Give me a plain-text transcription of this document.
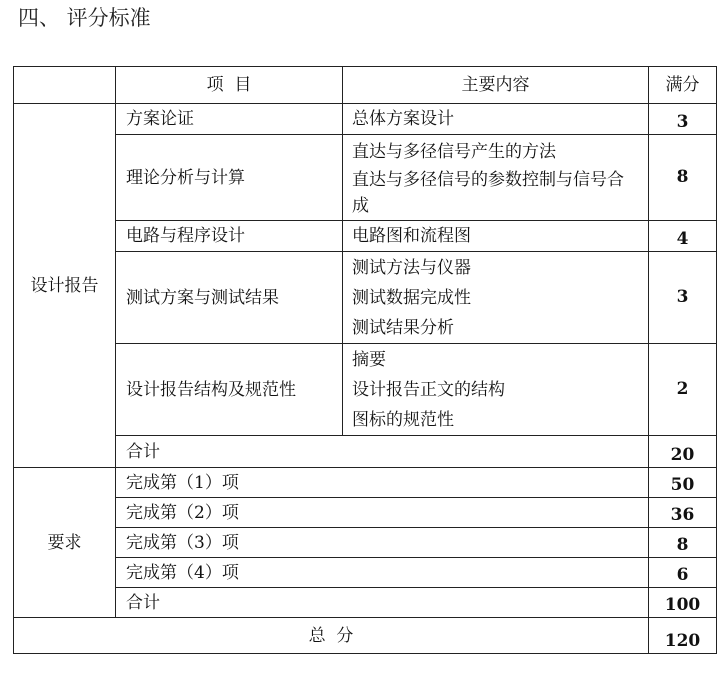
四、 评分标准
	项  目	主要内容	满分
设计报告	方案论证	总体方案设计	3
	理论分析与计算	直达与多径信号产生的方法
直达与多径信号的参数控制与信号合成	8
	电路与程序设计	电路图和流程图	4
	测试方案与测试结果	测试方法与仪器
测试数据完成性
测试结果分析	3
	设计报告结构及规范性	摘要
设计报告正文的结构
图标的规范性	2
	合计		20
要求	完成第（1）项		50
	完成第（2）项		36
	完成第（3）项		8
	完成第（4）项		6
	合计		100
总  分			120
